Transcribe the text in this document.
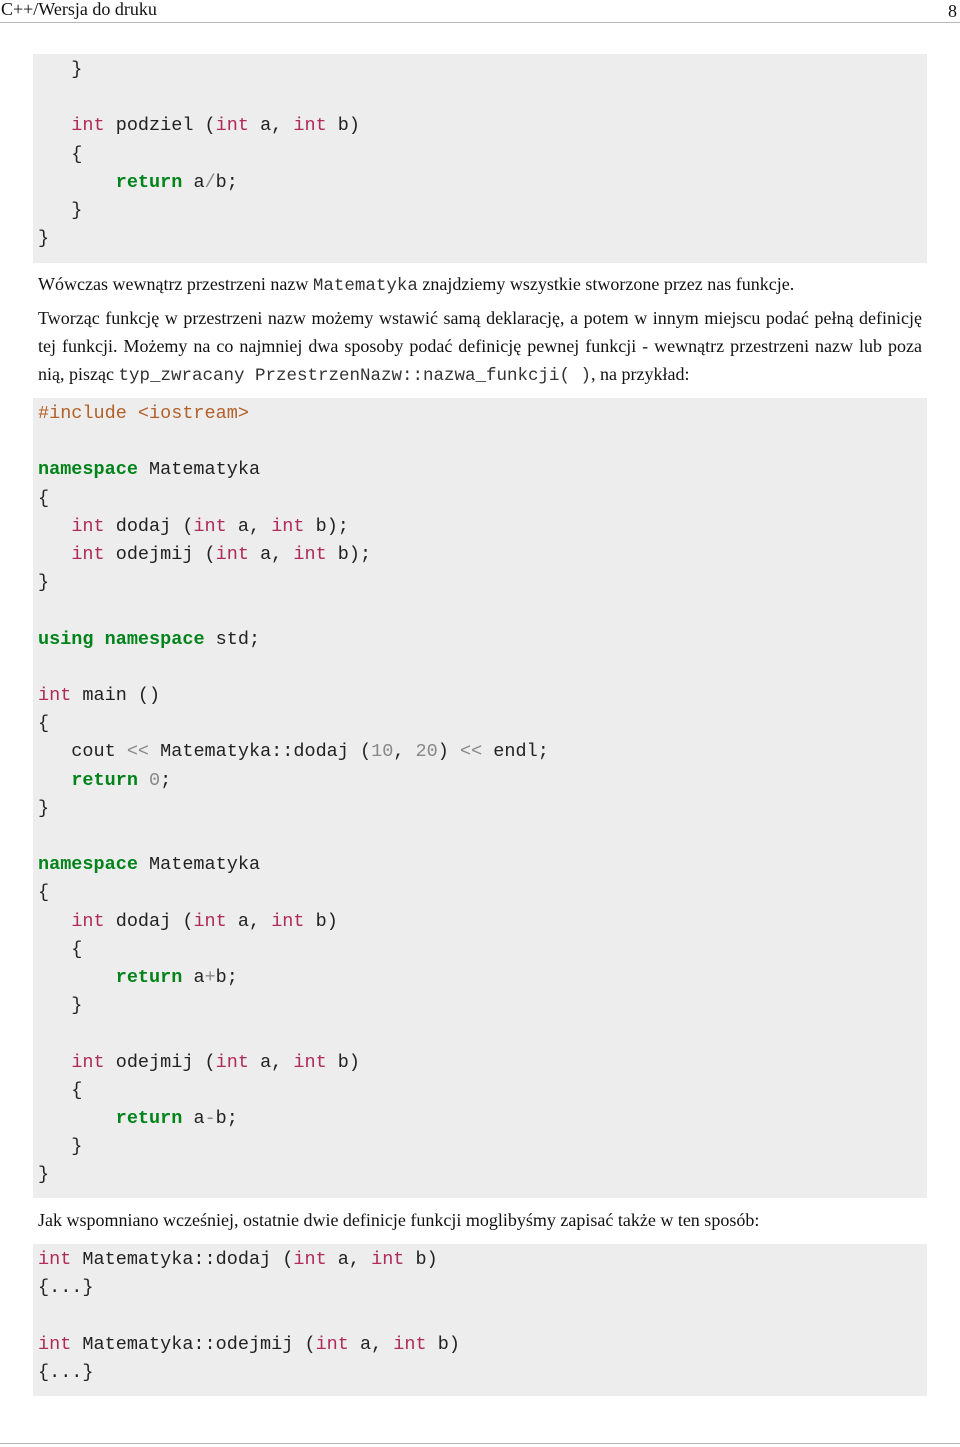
C++/Wersja do druku	8
}
int podziel (int a, int b)
{
return a/b;
}
}
Wówczas wewnątrz przestrzeni nazw Matematyka znajdziemy wszystkie stworzone przez nas funkcje.
Tworząc funkcję w przestrzeni nazw możemy wstawić samą deklarację, a potem w innym miejscu podać pełną definicję tej funkcji. Możemy na co najmniej dwa sposoby podać definicję pewnej funkcji - wewnątrz przestrzeni nazw lub poza nią, pisząc typ_zwracany PrzestrzenNazw::nazwa_funkcji( ), na przykład:
#include <iostream>
namespace Matematyka
{
int dodaj (int a, int b);
int odejmij (int a, int b);
}
using namespace std;
int main ()
{
cout << Matematyka::dodaj (10, 20) << endl;
return 0;
}
namespace Matematyka
{
int dodaj (int a, int b)
{
return a+b;
}
int odejmij (int a, int b)
{
return a-b;
}
}
Jak wspomniano wcześniej, ostatnie dwie definicje funkcji moglibyśmy zapisać także w ten sposób:
int Matematyka::dodaj (int a, int b)
{...}
int Matematyka::odejmij (int a, int b)
{...}
